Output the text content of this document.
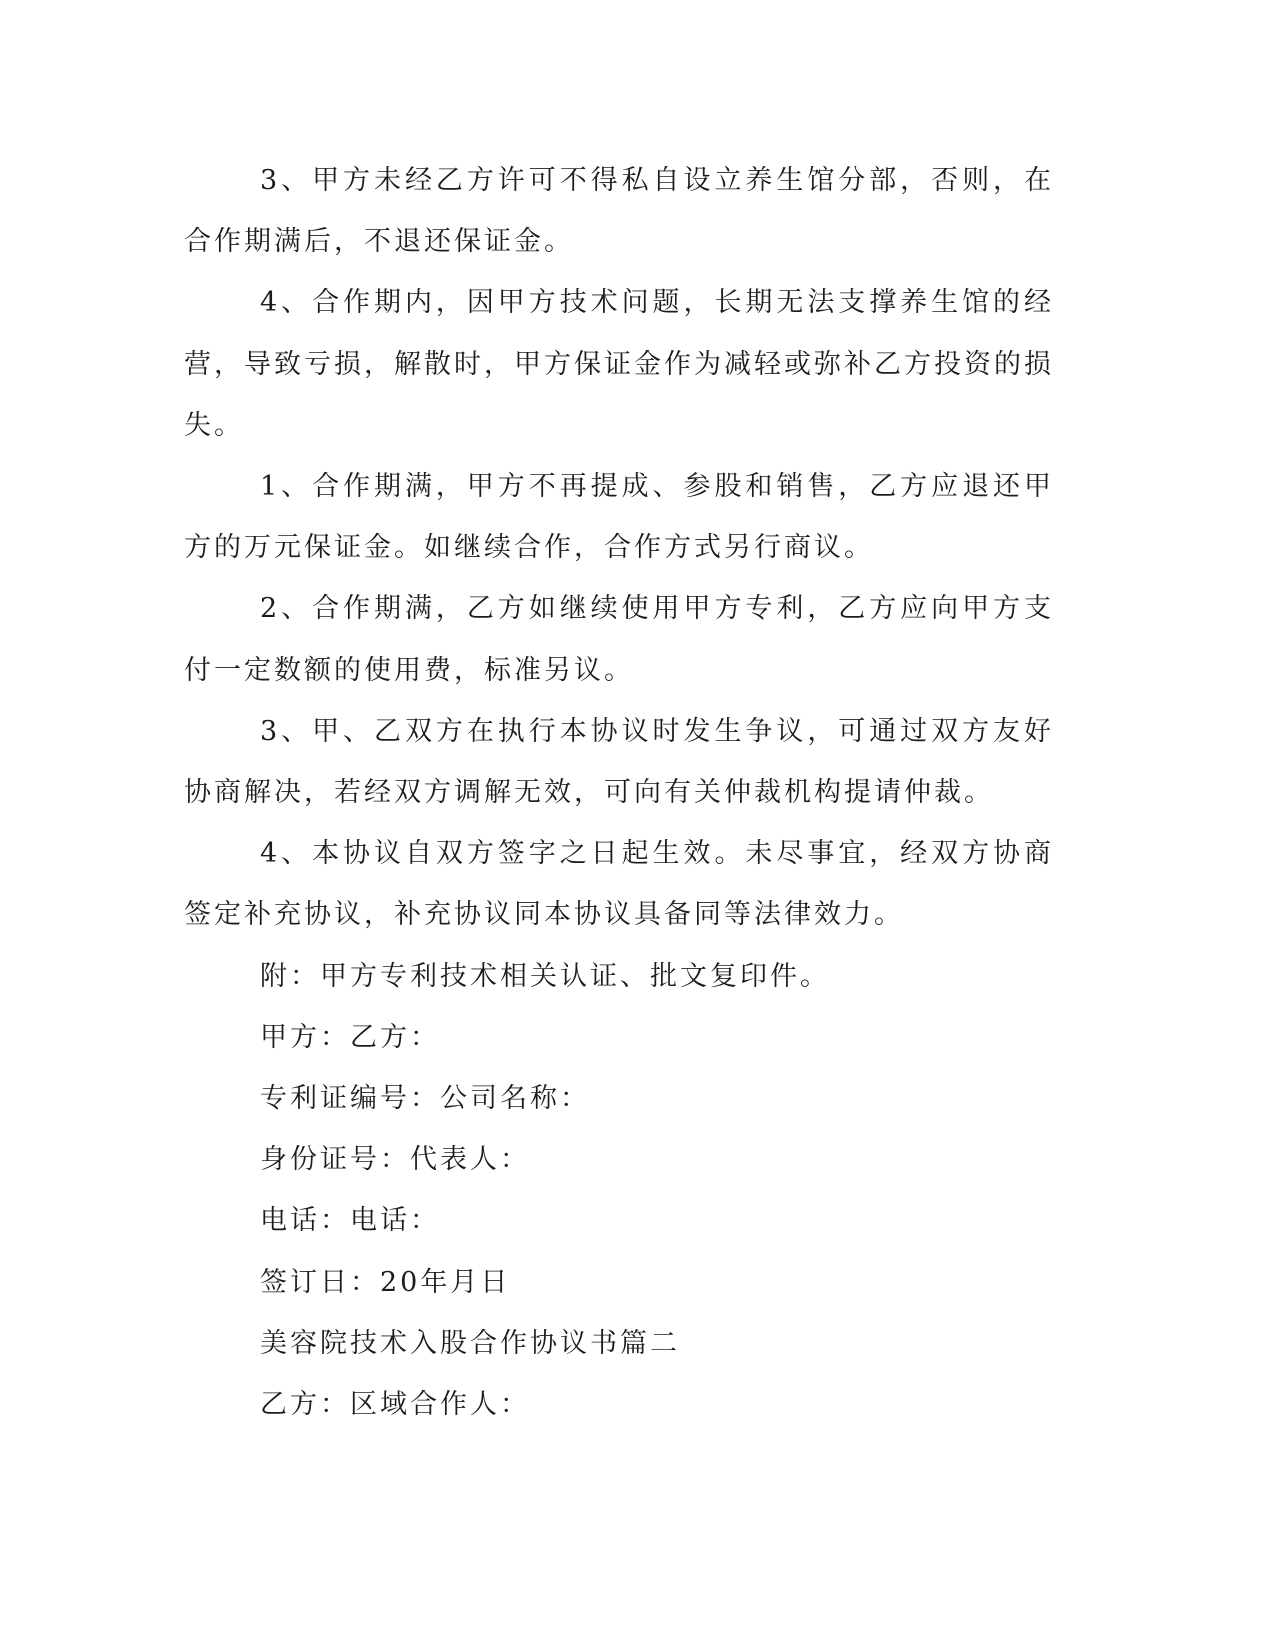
3、甲方未经乙方许可不得私自设立养生馆分部，否则，在合作期满后，不退还保证金。

4、合作期内，因甲方技术问题，长期无法支撑养生馆的经营，导致亏损，解散时，甲方保证金作为减轻或弥补乙方投资的损失。

1、合作期满，甲方不再提成、参股和销售，乙方应退还甲方的万元保证金。如继续合作，合作方式另行商议。

2、合作期满，乙方如继续使用甲方专利，乙方应向甲方支付一定数额的使用费，标准另议。

3、甲、乙双方在执行本协议时发生争议，可通过双方友好协商解决，若经双方调解无效，可向有关仲裁机构提请仲裁。

4、本协议自双方签字之日起生效。未尽事宜，经双方协商签定补充协议，补充协议同本协议具备同等法律效力。

附：甲方专利技术相关认证、批文复印件。

甲方：乙方：

专利证编号：公司名称：

身份证号：代表人：

电话：电话：

签订日：20年月日

美容院技术入股合作协议书篇二

乙方：区域合作人：
